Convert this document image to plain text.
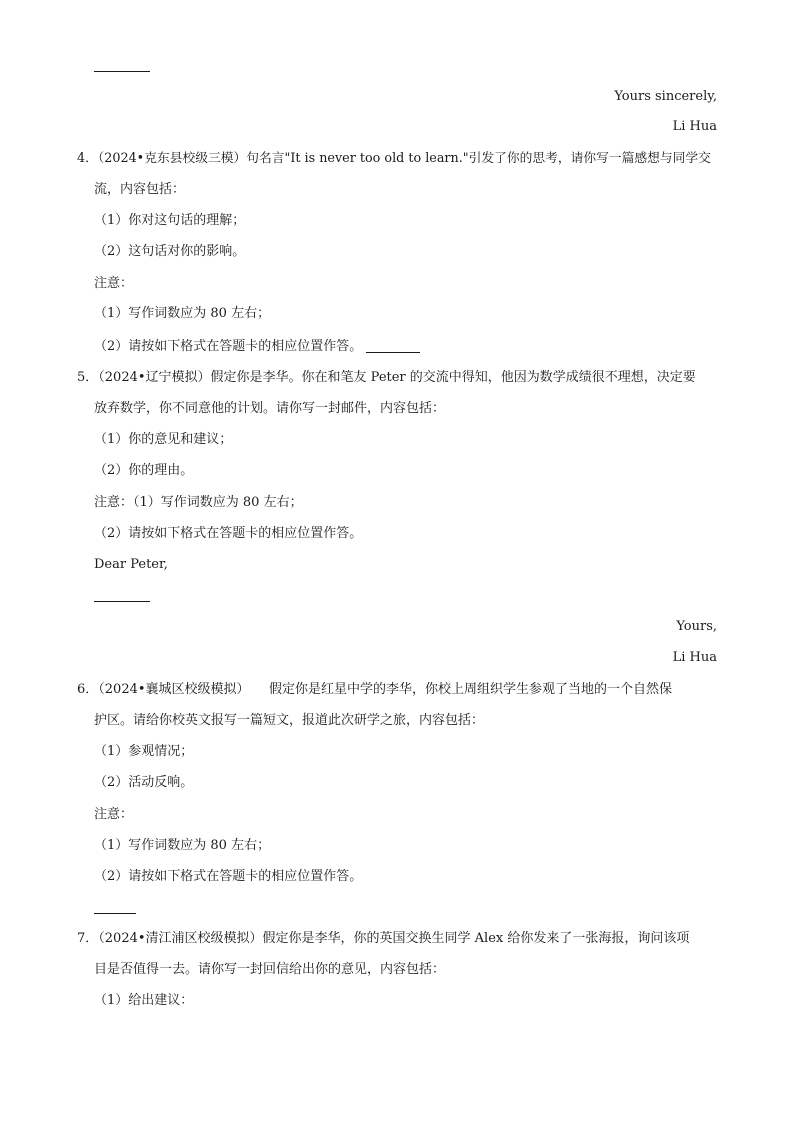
Yours sincerely,
Li Hua
4．（2024•克东县校级三模）句名言"It is never too old to learn."引发了你的思考，请你写一篇感想与同学交
流，内容包括：
（1）你对这句话的理解；
（2）这句话对你的影响。
注意：
（1）写作词数应为 80 左右；
（2）请按如下格式在答题卡的相应位置作答。
5．（2024•辽宁模拟）假定你是李华。你在和笔友 Peter 的交流中得知，他因为数学成绩很不理想，决定要
放弃数学，你不同意他的计划。请你写一封邮件，内容包括：
（1）你的意见和建议；
（2）你的理由。
注意：（1）写作词数应为 80 左右；
（2）请按如下格式在答题卡的相应位置作答。
Dear Peter,
Yours,
Li Hua
6．（2024•襄城区校级模拟）　　假定你是红星中学的李华，你校上周组织学生参观了当地的一个自然保
护区。请给你校英文报写一篇短文，报道此次研学之旅，内容包括：
（1）参观情况；
（2）活动反响。
注意：
（1）写作词数应为 80 左右；
（2）请按如下格式在答题卡的相应位置作答。
7．（2024•清江浦区校级模拟）假定你是李华，你的英国交换生同学 Alex 给你发来了一张海报，询问该项
目是否值得一去。请你写一封回信给出你的意见，内容包括：
（1）给出建议：
